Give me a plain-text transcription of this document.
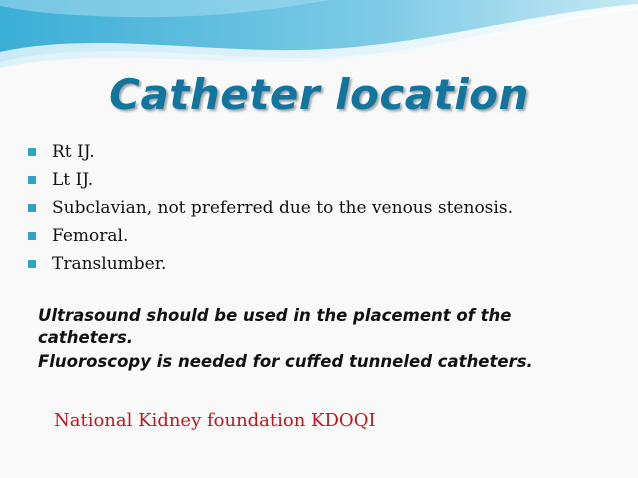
Catheter location
Rt IJ.
Lt IJ.
Subclavian, not preferred due to the venous stenosis.
Femoral.
Translumber.

Ultrasound should be used in the placement of the catheters.

Fluoroscopy is needed for cuffed tunneled catheters.

National Kidney foundation KDOQI
